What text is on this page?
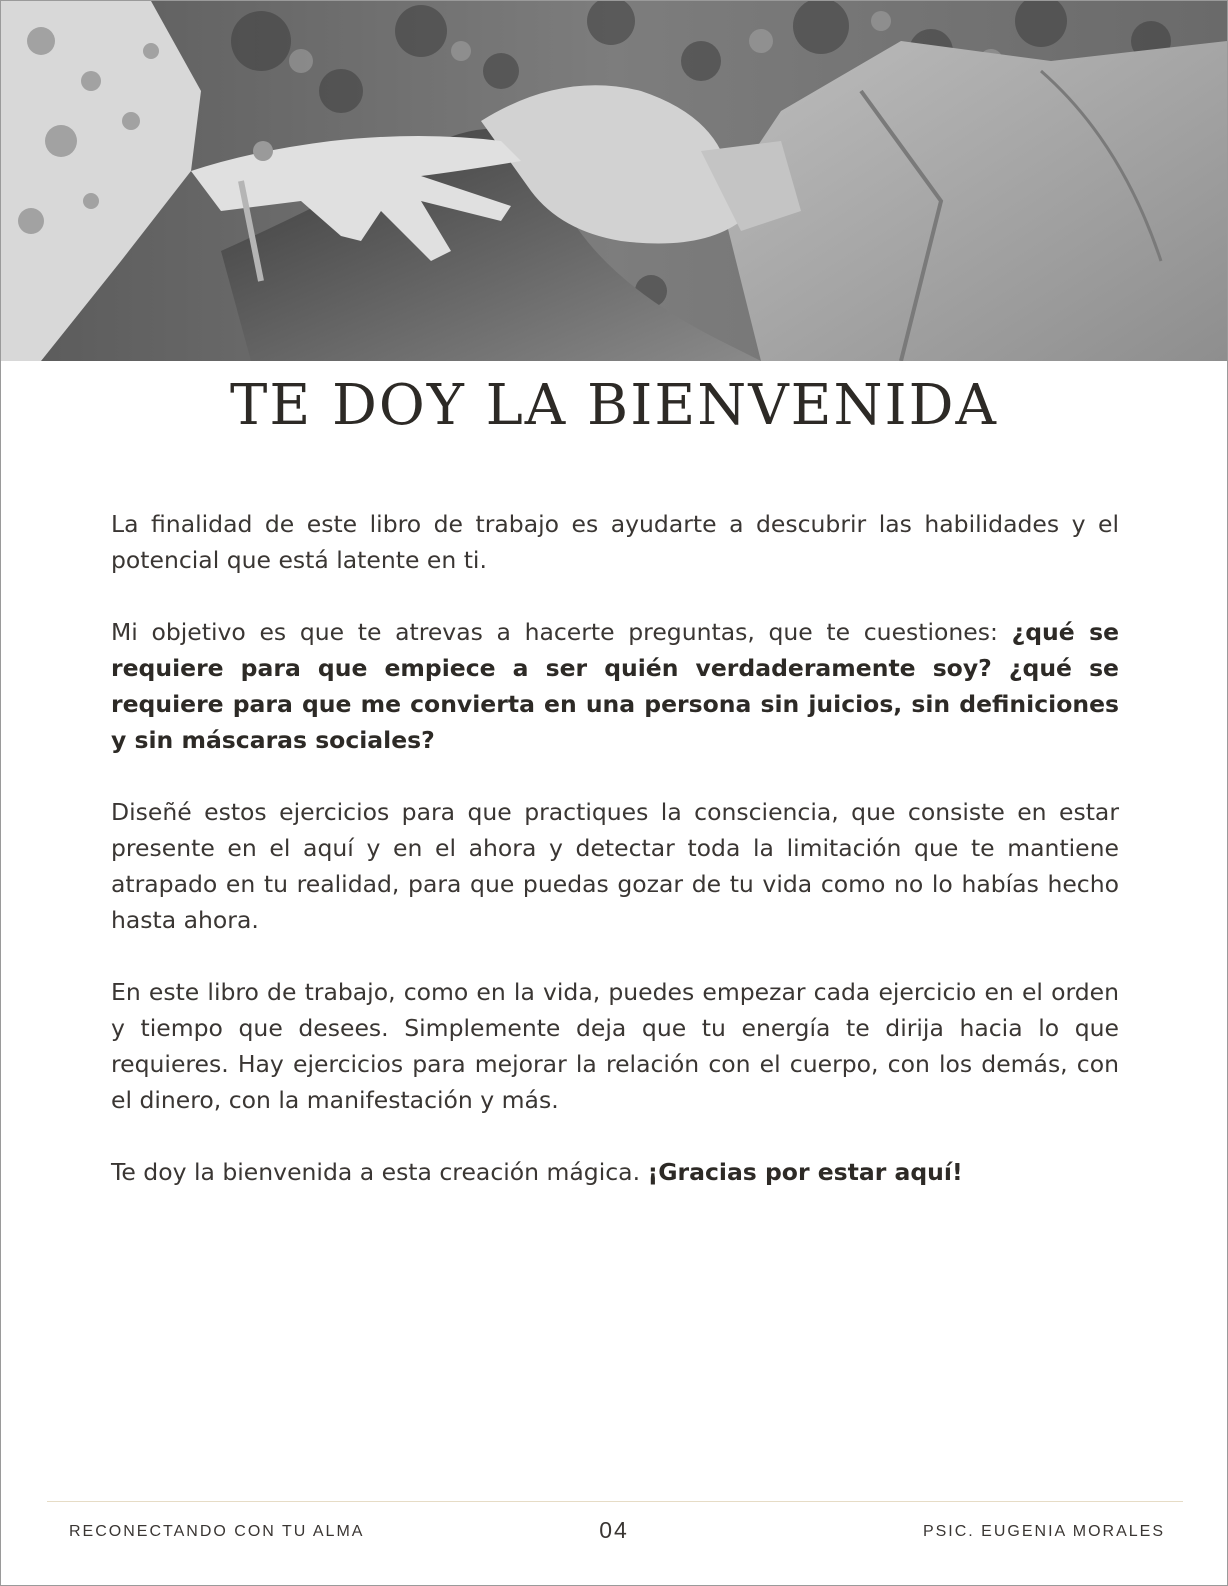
TE DOY LA BIENVENIDA

La finalidad de este libro de trabajo es ayudarte a descubrir las habilidades y el potencial que está latente en ti.

Mi objetivo es que te atrevas a hacerte preguntas, que te cuestiones: ¿qué se requiere para que empiece a ser quién verdaderamente soy? ¿qué se requiere para que me convierta en una persona sin juicios, sin definiciones y sin máscaras sociales?

Diseñé estos ejercicios para que practiques la consciencia, que consiste en estar presente en el aquí y en el ahora y detectar toda la limitación que te mantiene atrapado en tu realidad, para que puedas gozar de tu vida como no lo habías hecho hasta ahora.

En este libro de trabajo, como en la vida, puedes empezar cada ejercicio en el orden y tiempo que desees. Simplemente deja que tu energía te dirija hacia lo que requieres. Hay ejercicios para mejorar la relación con el cuerpo, con los demás, con el dinero, con la manifestación y más.

Te doy la bienvenida a esta creación mágica. ¡Gracias por estar aquí!

RECONECTANDO CON TU ALMA	04	PSIC. EUGENIA MORALES
